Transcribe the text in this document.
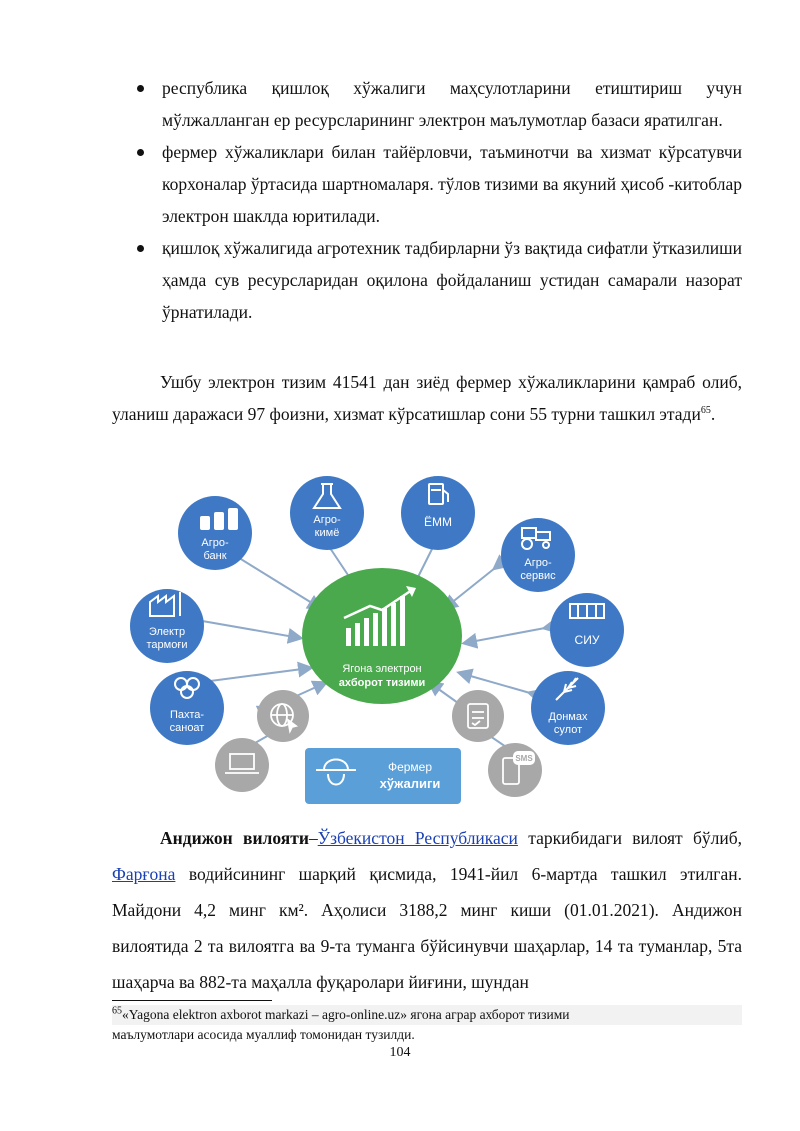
республика қишлоқ хўжалиги маҳсулотларини етиштириш учун мўлжалланган ер ресурсларининг электрон маълумотлар базаси яратилган.
фермер хўжаликлари билан тайёрловчи, таъминотчи ва хизмат кўрсатувчи корхоналар ўртасида шартномаларя. тўлов тизими ва якуний ҳисоб -китоблар электрон шаклда юритилади.
қишлоқ хўжалигида агротехник тадбирларни ўз вақтида сифатли ўтказилиши ҳамда сув ресурсларидан оқилона фойдаланиш устидан самарали назорат ўрнатилади.
Ушбу электрон тизим 41541 дан зиёд фермер хўжаликларини қамраб олиб, уланиш даражаси 97 фоизни, хизмат кўрсатишлар сони 55 турни ташкил этади$^{65}$.
Ягона электрон
ахборот тизими
Агро-
банк
Агро-
кимё
ЁММ
Агро-
сервис
Электр
тармоғи	СИУ
Пахта-
саноат
Донмах
сулот
SMS
Фермер
хўжалиги
Андижон вилояти–Ўзбекистон Республикаси таркибидаги вилоят бўлиб, Фарғона водийсининг шарқий қисмида, 1941-йил 6-мартда ташкил этилган. Майдони 4,2 минг км². Аҳолиси 3188,2 минг киши (01.01.2021). Андижон вилоятида 2 та вилоятга ва 9-та туманга бўйсинувчи шаҳарлар, 14 та туманлар, 5та шаҳарча ва 882-та маҳалла фуқаролари йиғини, шундан
$^{65}$«Yagona elektron axborot markazi – agro-online.uz» ягона аграр ахборот тизими
маълумотлари асосида муаллиф томонидан тузилди.
104
